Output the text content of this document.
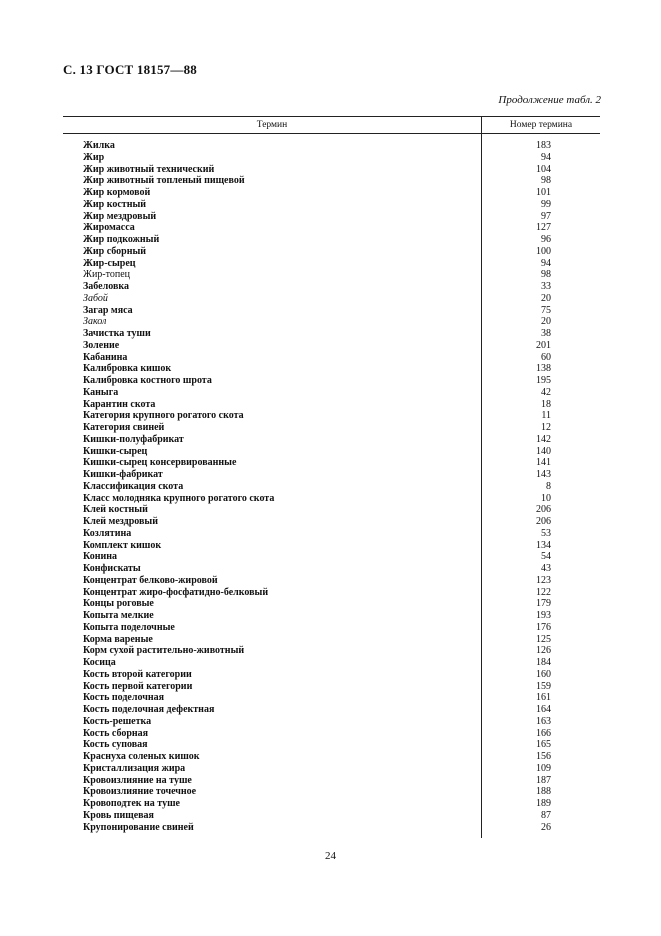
С. 13 ГОСТ 18157—88
Продолжение табл. 2
Термин	Номер термина
Жилка	183
Жир	94
Жир животный технический	104
Жир животный топленый пищевой	98
Жир кормовой	101
Жир костный	99
Жир мездровый	97
Жиромасса	127
Жир подкожный	96
Жир сборный	100
Жир-сырец	94
Жир-топец	98
Забеловка	33
Забой	20
Загар мяса	75
Закол	20
Зачистка туши	38
Золение	201
Кабанина	60
Калибровка кишок	138
Калибровка костного шрота	195
Каныга	42
Карантин скота	18
Категория крупного рогатого скота	11
Категория свиней	12
Кишки-полуфабрикат	142
Кишки-сырец	140
Кишки-сырец консервированные	141
Кишки-фабрикат	143
Классификация скота	8
Класс молодняка крупного рогатого скота	10
Клей костный	206
Клей мездровый	206
Козлятина	53
Комплект кишок	134
Конина	54
Конфискаты	43
Концентрат белково-жировой	123
Концентрат жиро-фосфатидно-белковый	122
Концы роговые	179
Копыта мелкие	193
Копыта поделочные	176
Корма вареные	125
Корм сухой растительно-животный	126
Косица	184
Кость второй категории	160
Кость первой категории	159
Кость поделочная	161
Кость поделочная дефектная	164
Кость-решетка	163
Кость сборная	166
Кость суповая	165
Краснуха соленых кишок	156
Кристаллизация жира	109
Кровоизлияние на туше	187
Кровоизлияние точечное	188
Кровоподтек на туше	189
Кровь пищевая	87
Крупонирование свиней	26
24
